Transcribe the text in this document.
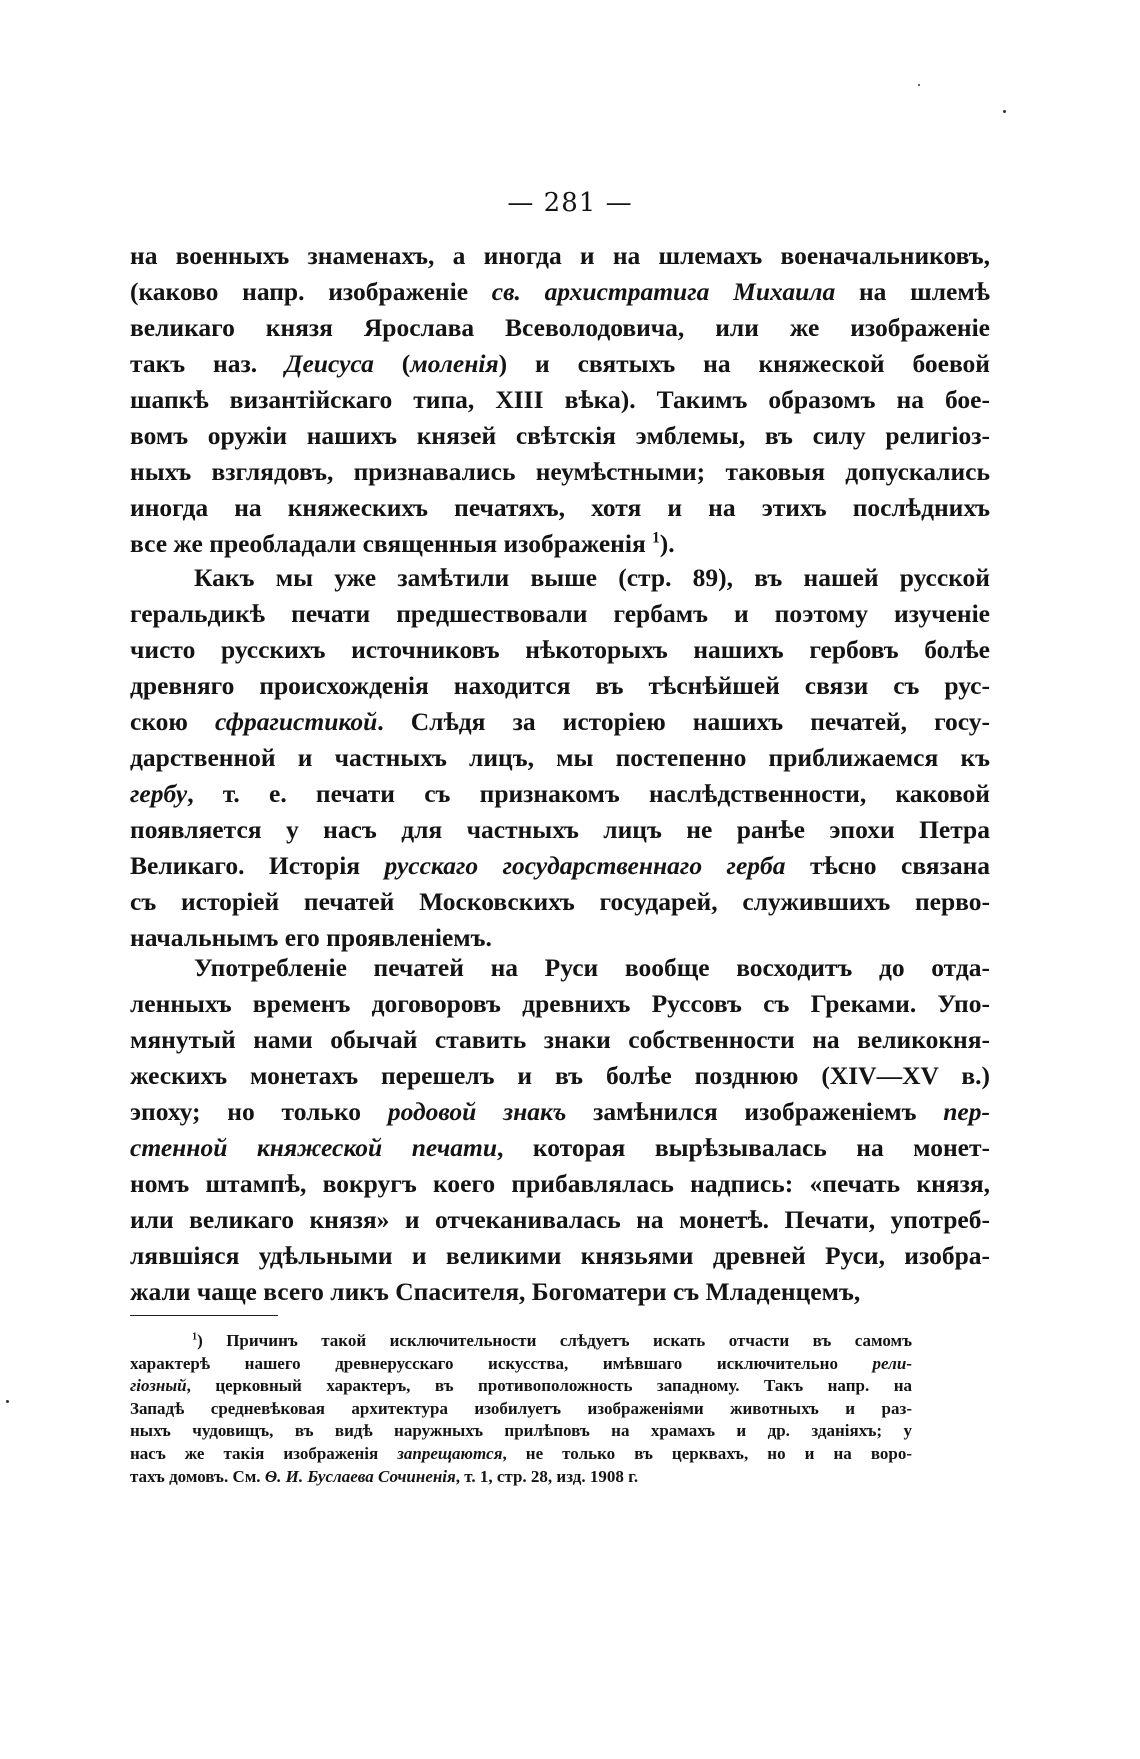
— 281 —
на военныхъ знаменахъ, а иногда и на шлемахъ военачальниковъ,
(каково напр. изображенiе св. архистратига Михаила на шлемѣ
великаго князя Ярослава Всеволодовича, или же изображенiе
такъ наз. Деисуса (моленiя) и святыхъ на княжеской боевой
шапкѣ византiйскаго типа, XIII вѣка). Такимъ образомъ на бое-
вомъ оружiи нашихъ князей свѣтскiя эмблемы, въ силу религioз-
ныхъ взглядовъ, признавались неумѣстными; таковыя допускались
иногда на княжескихъ печатяхъ, хотя и на этихъ послѣднихъ
все же преобладали священныя изображенiя $^1$).
Какъ мы уже замѣтили выше (стр. 89), въ нашей русской
геральдикѣ печати предшествовали гербамъ и поэтому изученiе
чисто русскихъ источниковъ нѣкоторыхъ нашихъ гербовъ болѣе
древняго происхожденiя находится въ тѣснѣйшей связи съ рус-
скою сфрагистикой. Слѣдя за исторiею нашихъ печатей, госу-
дарственной и частныхъ лицъ, мы постепенно приближаемся къ
гербу, т. е. печати съ признакомъ наслѣдственности, каковой
появляется у насъ для частныхъ лицъ не ранѣе эпохи Петра
Великаго. Исторiя русскаго государственнаго герба тѣсно связана
съ исторiей печатей Московскихъ государей, служившихъ перво-
начальнымъ его проявленiемъ.
Употребленiе печатей на Руси вообще восходитъ до отда-
ленныхъ временъ договоровъ древнихъ Руссовъ съ Греками. Упо-
мянутый нами обычай ставить знаки собственности на великокня-
жескихъ монетахъ перешелъ и въ болѣе позднюю (XIV—XV в.)
эпоху; но только родовой знакъ замѣнился изображенiемъ пер-
стенной княжеской печати, которая вырѣзывалась на монет-
номъ штампѣ, вокругъ коего прибавлялась надпись: «печать князя,
или великаго князя» и отчеканивалась на монетѣ. Печати, употреб-
лявшiяся удѣльными и великими князьями древней Руси, изобра-
жали чаще всего ликъ Спасителя, Богоматери съ Младенцемъ,
$^1$) Причинъ такой исключительности слѣдуетъ искать отчасти въ самомъ
характерѣ нашего древнерусскаго искусства, имѣвшаго исключительно рели-
гiозный, церковный характеръ, въ противоположность западному. Такъ напр. на
Западѣ средневѣковая архитектура изобилуетъ изображенiями животныхъ и раз-
ныхъ чудовищъ, въ видѣ наружныхъ прилѣповъ на храмахъ и др. зданiяхъ; у
насъ же такiя изображенiя запрещаются, не только въ церквахъ, но и на воро-
тахъ домовъ. См. Ѳ. И. Буслаева Сочиненiя, т. 1, стр. 28, изд. 1908 г.
